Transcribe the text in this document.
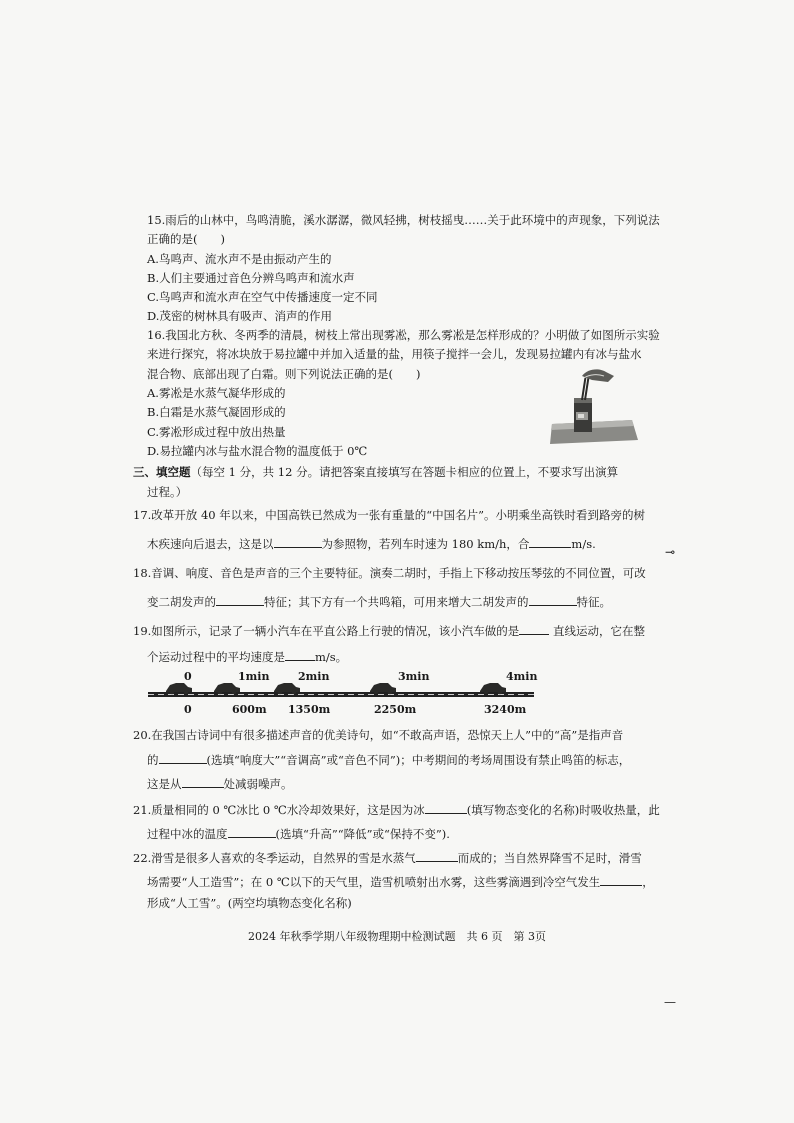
15.雨后的山林中，鸟鸣清脆，溪水潺潺，微风轻拂，树枝摇曳……关于此环境中的声现象，下列说法
正确的是(　　)
A.鸟鸣声、流水声不是由振动产生的
B.人们主要通过音色分辨鸟鸣声和流水声
C.鸟鸣声和流水声在空气中传播速度一定不同
D.茂密的树林具有吸声、消声的作用
16.我国北方秋、冬两季的清晨，树枝上常出现雾凇，那么雾凇是怎样形成的？小明做了如图所示实验
来进行探究，将冰块放于易拉罐中并加入适量的盐，用筷子搅拌一会儿，发现易拉罐内有冰与盐水
混合物、底部出现了白霜。则下列说法正确的是(　　)
A.雾凇是水蒸气凝华形成的
B.白霜是水蒸气凝固形成的
C.雾凇形成过程中放出热量
D.易拉罐内冰与盐水混合物的温度低于 0℃
三、填空题（每空 1 分，共 12 分。请把答案直接填写在答题卡相应的位置上，不要求写出演算
过程。）
17.改革开放 40 年以来，中国高铁已然成为一张有重量的“中国名片”。小明乘坐高铁时看到路旁的树
木疾速向后退去，这是以	为参照物，若列车时速为 180 km/h，合	m/s.
18.音调、响度、音色是声音的三个主要特征。演奏二胡时，手指上下移动按压琴弦的不同位置，可改
变二胡发声的	特征；其下方有一个共鸣箱，可用来增大二胡发声的	特征。
19.如图所示，记录了一辆小汽车在平直公路上行驶的情况，该小汽车做的是	直线运动，它在整
个运动过程中的平均速度是	m/s。
0	1min	2min	3min	4min
0	600m 1350m	2250m	3240m
20.在我国古诗词中有很多描述声音的优美诗句，如“不敢高声语，恐惊天上人”中的“高”是指声音
的	(选填“响度大”“音调高”或“音色不同”)；中考期间的考场周围设有禁止鸣笛的标志，
这是从	处减弱噪声。
21.质量相同的 0 ℃冰比 0 ℃水冷却效果好，这是因为冰	(填写物态变化的名称)时吸收热量，此
过程中冰的温度	(选填“升高”“降低”或“保持不变”).
22.滑雪是很多人喜欢的冬季运动，自然界的雪是水蒸气	而成的；当自然界降雪不足时，滑雪
场需要“人工造雪”；在 0 ℃以下的天气里，造雪机喷射出水雾，这些雾滴遇到冷空气发生	，
形成“人工雪”。(两空均填物态变化名称)
2024 年秋季学期八年级物理期中检测试题　共 6 页　第 3页
⊸
—
